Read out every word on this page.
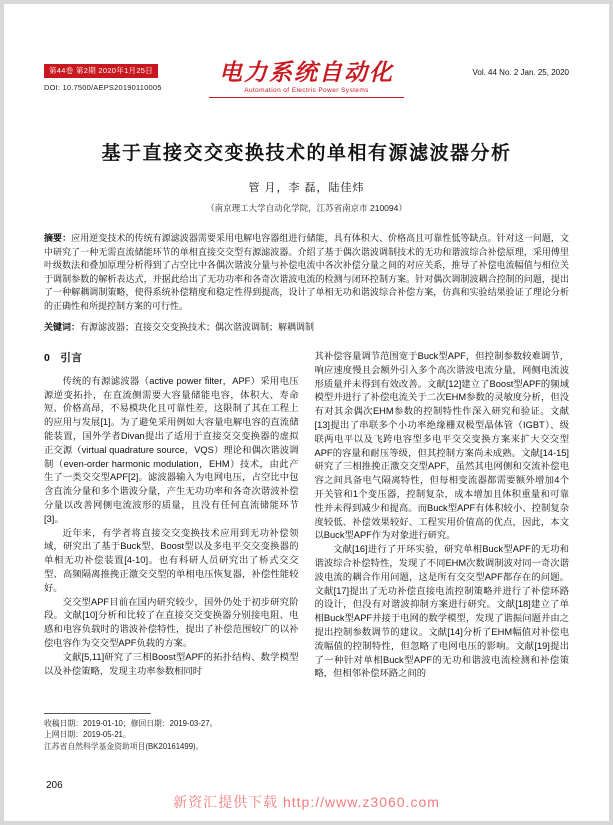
第44卷 第2期 2020年1月25日
DOI: 10.7500/AEPS20190110005
电力系统自动化
Automation of Electric Power Systems
Vol. 44 No. 2 Jan. 25, 2020
基于直接交交变换技术的单相有源滤波器分析
管 月，李 磊，陆佳炜
（南京理工大学自动化学院，江苏省南京市 210094）

摘要：应用逆变技术的传统有源滤波器需要采用电解电容器组进行储能，具有体积大、价格高且可靠性低等缺点。针对这一问题，文中研究了一种无需直流储能环节的单相直接交交型有源滤波器。介绍了基于偶次谐波调制技术的无功和谐波综合补偿原理，采用傅里叶级数法和叠加原理分析得到了占空比中各偶次谐波分量与补偿电流中各次补偿分量之间的对应关系，推导了补偿电流幅值与相位关于调制参数的解析表达式，并据此给出了无功功率和各奇次谐波电流的检测与闭环控制方案。针对偶次调制波耦合控制的问题，提出了一种解耦调制策略，使得系统补偿精度和稳定性得到提高，设计了单相无功和谐波综合补偿方案，仿真和实验结果验证了理论分析的正确性和所提控制方案的可行性。

关键词：有源滤波器；直接交交变换技术；偶次谐波调制；解耦调制

0 引言

传统的有源滤波器（active power filter，APF）采用电压源逆变拓扑，在直流侧需要大容量储能电容，体积大、寿命短、价格高昂，不易模块化且可靠性差，这限制了其在工程上的应用与发展[1]。为了避免采用例如大容量电解电容的直流储能装置，国外学者Divan提出了适用于直接交交变换器的虚拟正交源（virtual quadrature source，VQS）理论和偶次谐波调制（even-order harmonic modulation，EHM）技术，由此产生了一类交交型APF[2]。滤波器输入为电网电压，占空比中包含直流分量和多个谐波分量，产生无功功率和各奇次谐波补偿分量以改善网侧电流波形的质量，且没有任何直流储能环节[3]。

近年来，有学者将直接交交变换技术应用到无功补偿领域，研究出了基于Buck型、Boost型以及多电平交交变换器的单相无功补偿装置[4-10]。也有科研人员研究出了桥式交交型、高频隔离推挽正激交交型的单相电压恢复器，补偿性能较好。

交交型APF目前在国内研究较少，国外仍处于初步研究阶段。文献[10]分析和比较了在直接交交变换器分别接电阻、电感和电容负载时的谐波补偿特性，提出了补偿范围较广的以补偿电容作为交交型APF负载的方案。

文献[5,11]研究了三相Boost型APF的拓扑结构、数学模型以及补偿策略，发现主功率参数相同时

收稿日期：2019-01-10；修回日期：2019-03-27。
上网日期：2019-05-21。
江苏省自然科学基金资助项目(BK20161499)。

其补偿容量调节范围宽于Buck型APF，但控制参数较难调节，响应速度慢且会额外引入多个高次谐波电流分量，网侧电流波形质量并未得到有效改善。文献[12]建立了Boost型APF的频域模型并进行了补偿电流关于二次EHM参数的灵敏度分析，但没有对其余偶次EHM参数的控制特性作深入研究和验证。文献[13]提出了串联多个小功率绝缘栅双极型晶体管（IGBT）、级联两电平以及飞跨电容型多电平交交变换方案来扩大交交型APF的容量和耐压等级，但其控制方案尚未成熟。文献[14-15]研究了三相推挽正激交交型APF，虽然其电网侧和交流补偿电容之间具备电气隔离特性，但每相变流器都需要额外增加4个开关管和1个变压器，控制复杂，成本增加且体积重量和可靠性并未得到减少和提高。而Buck型APF有体积较小、控制复杂度较低、补偿效果较好、工程实用价值高的优点，因此，本文以Buck型APF作为对象进行研究。

文献[16]进行了开环实验，研究单相Buck型APF的无功和谐波综合补偿特性，发现了不同EHM次数调制波对同一奇次谐波电流的耦合作用问题，这是所有交交型APF都存在的问题。文献[17]提出了无功补偿直接电流控制策略并进行了补偿环路的设计，但没有对谐波抑制方案进行研究。文献[18]建立了单相Buck型APF并接于电网的数学模型，发现了谐振问题并由之提出控制参数调节的建议。文献[14]分析了EHM幅值对补偿电流幅值的控制特性，但忽略了电网电压的影响。文献[19]提出了一种针对单相Buck型APF的无功和谐波电流检测和补偿策略，但相邻补偿环路之间的

206
新资汇提供下载 http://www.z3060.com
